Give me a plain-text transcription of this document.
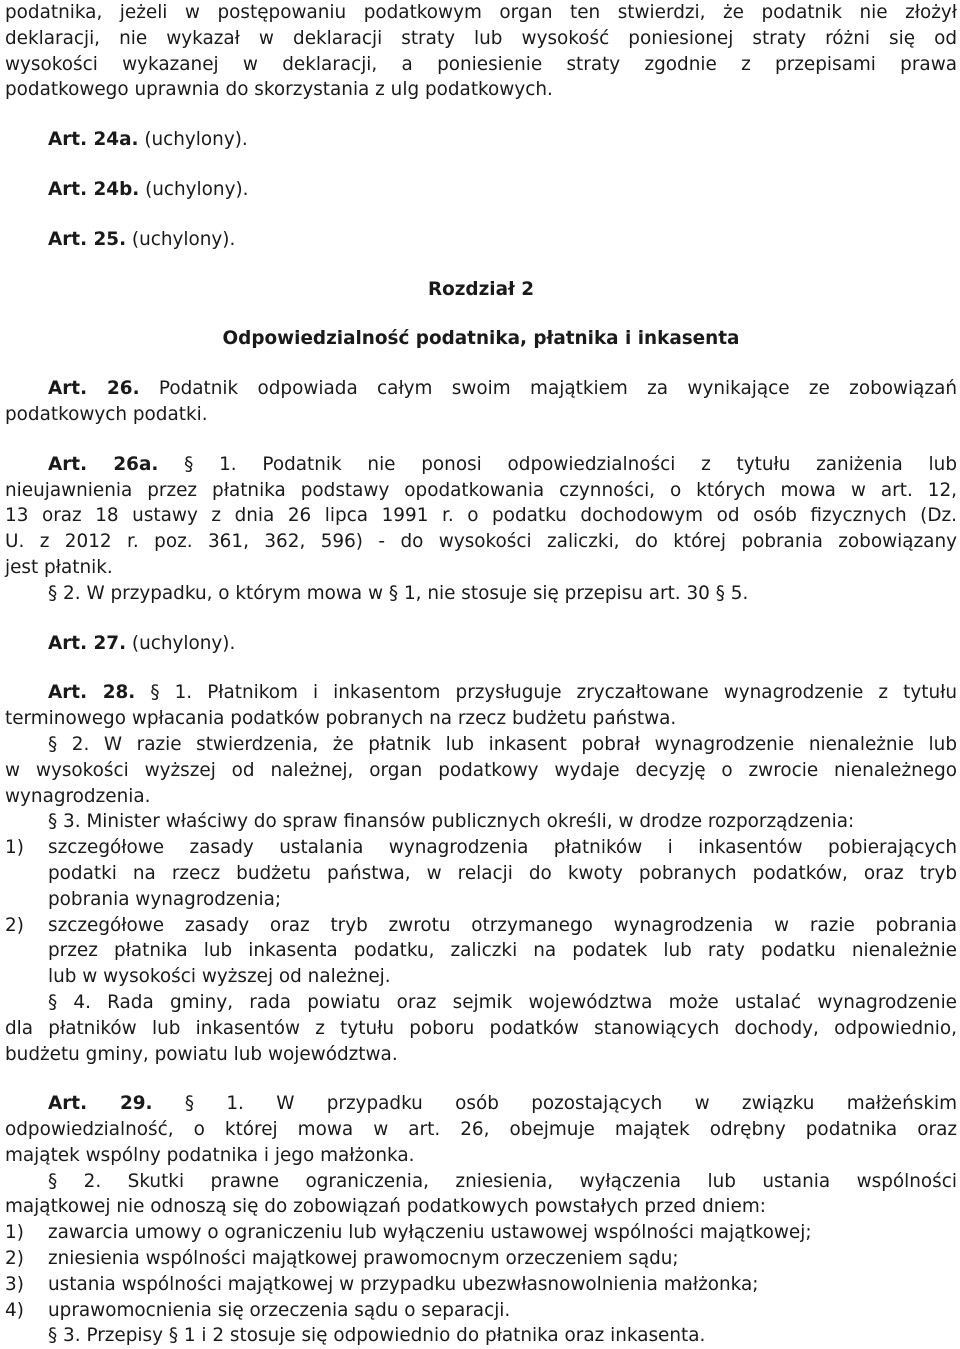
podatnika, jeżeli w postępowaniu podatkowym organ ten stwierdzi, że podatnik nie złożył
deklaracji, nie wykazał w deklaracji straty lub wysokość poniesionej straty różni się od
wysokości wykazanej w deklaracji, a poniesienie straty zgodnie z przepisami prawa
podatkowego uprawnia do skorzystania z ulg podatkowych.
Art. 24a. (uchylony).
Art. 24b. (uchylony).
Art. 25. (uchylony).
Rozdział 2
Odpowiedzialność podatnika, płatnika i inkasenta
Art. 26. Podatnik odpowiada całym swoim majątkiem za wynikające ze zobowiązań
podatkowych podatki.
Art. 26a. § 1. Podatnik nie ponosi odpowiedzialności z tytułu zaniżenia lub
nieujawnienia przez płatnika podstawy opodatkowania czynności, o których mowa w art. 12,
13 oraz 18 ustawy z dnia 26 lipca 1991 r. o podatku dochodowym od osób fizycznych (Dz.
U. z 2012 r. poz. 361, 362, 596) - do wysokości zaliczki, do której pobrania zobowiązany
jest płatnik.
§ 2. W przypadku, o którym mowa w § 1, nie stosuje się przepisu art. 30 § 5.
Art. 27. (uchylony).
Art. 28. § 1. Płatnikom i inkasentom przysługuje zryczałtowane wynagrodzenie z tytułu
terminowego wpłacania podatków pobranych na rzecz budżetu państwa.
§ 2. W razie stwierdzenia, że płatnik lub inkasent pobrał wynagrodzenie nienależnie lub
w wysokości wyższej od należnej, organ podatkowy wydaje decyzję o zwrocie nienależnego
wynagrodzenia.
§ 3. Minister właściwy do spraw finansów publicznych określi, w drodze rozporządzenia:
1) szczegółowe zasady ustalania wynagrodzenia płatników i inkasentów pobierających
podatki na rzecz budżetu państwa, w relacji do kwoty pobranych podatków, oraz tryb
pobrania wynagrodzenia;
2) szczegółowe zasady oraz tryb zwrotu otrzymanego wynagrodzenia w razie pobrania
przez płatnika lub inkasenta podatku, zaliczki na podatek lub raty podatku nienależnie
lub w wysokości wyższej od należnej.
§ 4. Rada gminy, rada powiatu oraz sejmik województwa może ustalać wynagrodzenie
dla płatników lub inkasentów z tytułu poboru podatków stanowiących dochody, odpowiednio,
budżetu gminy, powiatu lub województwa.
Art. 29. § 1. W przypadku osób pozostających w związku małżeńskim
odpowiedzialność, o której mowa w art. 26, obejmuje majątek odrębny podatnika oraz
majątek wspólny podatnika i jego małżonka.
§ 2. Skutki prawne ograniczenia, zniesienia, wyłączenia lub ustania wspólności
majątkowej nie odnoszą się do zobowiązań podatkowych powstałych przed dniem:
1) zawarcia umowy o ograniczeniu lub wyłączeniu ustawowej wspólności majątkowej;
2) zniesienia wspólności majątkowej prawomocnym orzeczeniem sądu;
3) ustania wspólności majątkowej w przypadku ubezwłasnowolnienia małżonka;
4) uprawomocnienia się orzeczenia sądu o separacji.
§ 3. Przepisy § 1 i 2 stosuje się odpowiednio do płatnika oraz inkasenta.
